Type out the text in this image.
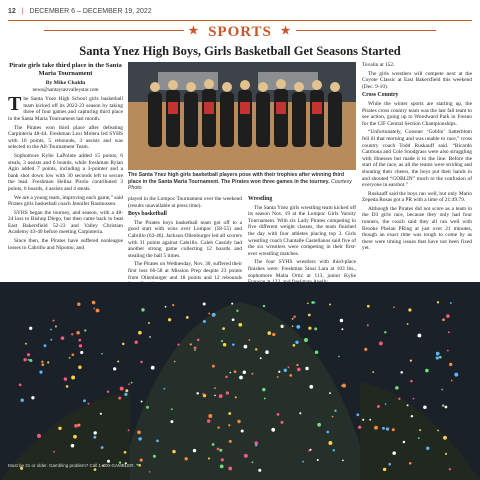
12 | DECEMBER 6 – DECEMBER 19, 2022
★ SPORTS ★
Santa Ynez High Boys, Girls Basketball Get Seasons Started
Pirate girls take third place in the Santa Maria Tournament
By Mike Chaldu
news@santaynezvalleystar.com

The Santa Ynez High School girls basketball team kicked off its 2022-23 season by taking three of four games and capturing third place in the Santa Maria Tournament last month.

The Pirates won third place after defeating Carpinteria 48-44. Freshman Lexi Molera led SYHS with 16 points, 5 rebounds, 3 assists and was selected to the All-Tournament Team.

Sophomore Kylie LaPointe added 15 points, 6 steals, 3 assists and 6 boards, while freshman Rylan Agin added 7 points, including a 3-pointer and a bank shot down low with 30 seconds left to secure the lead. Freshman Helina Pirolo contributed 3 points, 6 boards, 4 assists and 4 steals.

We are a young team, improving each game,” said Pirates girls basketball coach Jennifer Rasmussen.

SYHS began the tourney, and season, with a 48-24 loss to Bishop Diego, but then came back to beat East Bakersfield 52-23 and Valley Christian Academy 43-40 before meeting Carpinteria.

Since then, the Pirates have suffered nonleague losses to Cabrillo and Nipomo, and

The Santa Ynez high girls basketball players pose with their trophies after winning third place in the Santa Maria Tournament. The Pirates won three games in the tourney. Courtesy Photo

played in the Lompoc Tournament over the weekend (results unavailable at press time).

Boys basketball

The Pirates boys basketball team got off to a good start with wins over Lompoc (58-55) and Cabrillo (63-46). Jackson Ollenburger led all scorers with 31 points against Cabrillo. Caleb Cassidy had another strong game collecting 12 boards and stealing the ball 5 times.

The Pirates on Wednesday, Nov. 30, suffered their first loss 66-58 at Mission Prep despite 23 points from Ollenburger and 18 points and 12 rebounds

Wrestling

The Santa Ynez girls wrestling team kicked off its season Nov. 19 at the Lompoc Girls Varsity Tournament. With six Lady Pirates competing in five different weight classes, the team finished the day with four athletes placing top 3. Girls wrestling coach Chantalle Castellanos said five of the six wrestlers were competing in their first-ever wrestling matches.

The four SYHS wrestlers with third-place finishes were: Freshman Sinai Lara at 103 lbs., sophomore Malia Ortiz at 113, junior Kylie

Tovalin at 152.

The girls wrestlers will compete next at the Coyote Classic at East Bakersfield this weekend (Dec. 9-10).

Cross Country

While the winter sports are starting up, the Pirates cross country team was the last fall team to see action, going up to Woodward Park in Fresno for the CIF Central Section Championships.

“Unfortunately, Coosner ‘Goblin’ Satterblom fell ill that morning and was unable to race,” cross country coach Todd Ruskauff said. “Ricardo Carmona and Cole Snodgrass were also struggling with illnesses but made it to the line. Before the start of the race, as all the teams were striding and shouting their cheers, the boys put their hands in and shouted “GOBLIN” much to the confusion of everyone in earshot.”

Ruskauff said the boys ran well, but only Mario Zepeda Rosas got a PR with a time of 21:49.79.

Although the Pirates did not score as a team in the D3 girls race, because they only had four runners, the coach said they all ran well with Brooke Phelan PRing at just over 21 minutes, though an exact time was tough to come by as there were timing issues that have not been fixed yet.

Must be 21 or older. Gambling problem? Call 1-800-GAMBLER.
